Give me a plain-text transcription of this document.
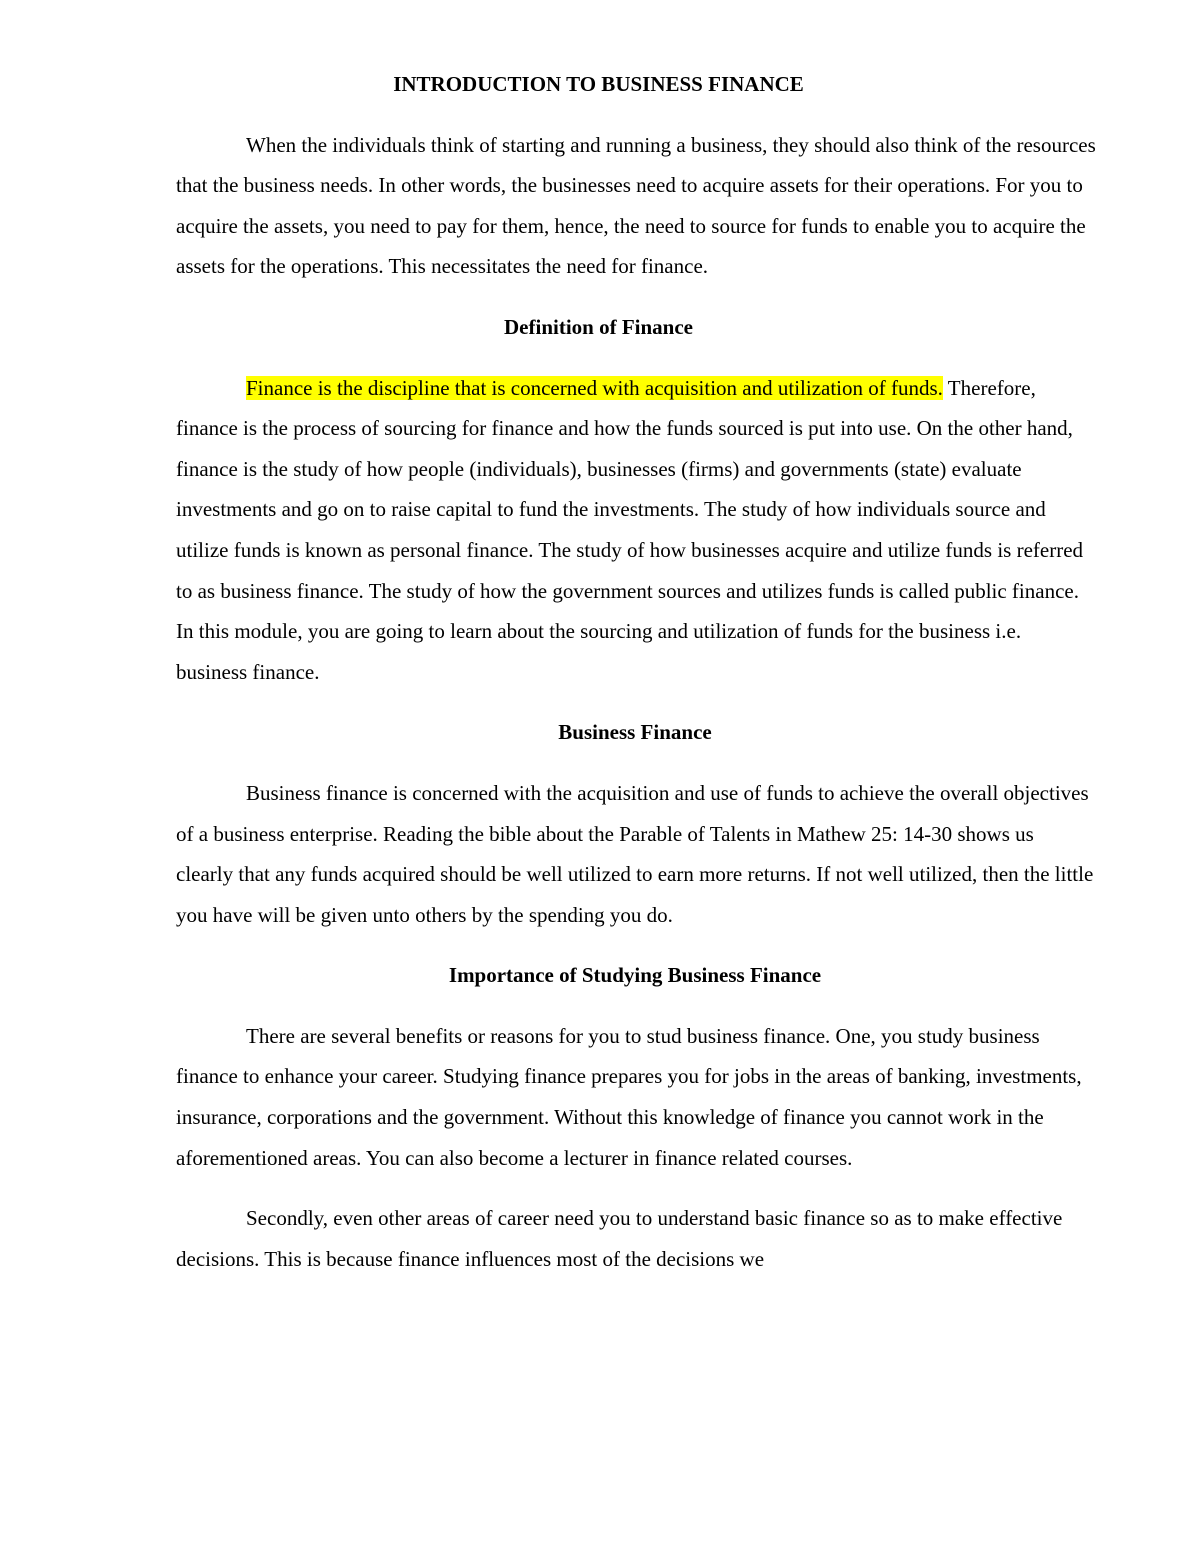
INTRODUCTION TO BUSINESS FINANCE

When the individuals think of starting and running a business, they should also think of the resources that the business needs. In other words, the businesses need to acquire assets for their operations. For you to acquire the assets, you need to pay for them, hence, the need to source for funds to enable you to acquire the assets for the operations. This necessitates the need for finance.

Definition of Finance

Finance is the discipline that is concerned with acquisition and utilization of funds. Therefore, finance is the process of sourcing for finance and how the funds sourced is put into use. On the other hand, finance is the study of how people (individuals), businesses (firms) and governments (state) evaluate investments and go on to raise capital to fund the investments. The study of how individuals source and utilize funds is known as personal finance. The study of how businesses acquire and utilize funds is referred to as business finance. The study of how the government sources and utilizes funds is called public finance. In this module, you are going to learn about the sourcing and utilization of funds for the business i.e. business finance.

Business Finance

Business finance is concerned with the acquisition and use of funds to achieve the overall objectives of a business enterprise. Reading the bible about the Parable of Talents in Mathew 25: 14-30 shows us clearly that any funds acquired should be well utilized to earn more returns. If not well utilized, then the little you have will be given unto others by the spending you do.

Importance of Studying Business Finance

There are several benefits or reasons for you to stud business finance. One, you study business finance to enhance your career. Studying finance prepares you for jobs in the areas of banking, investments, insurance, corporations and the government. Without this knowledge of finance you cannot work in the aforementioned areas. You can also become a lecturer in finance related courses.

Secondly, even other areas of career need you to understand basic finance so as to make effective decisions. This is because finance influences most of the decisions we
